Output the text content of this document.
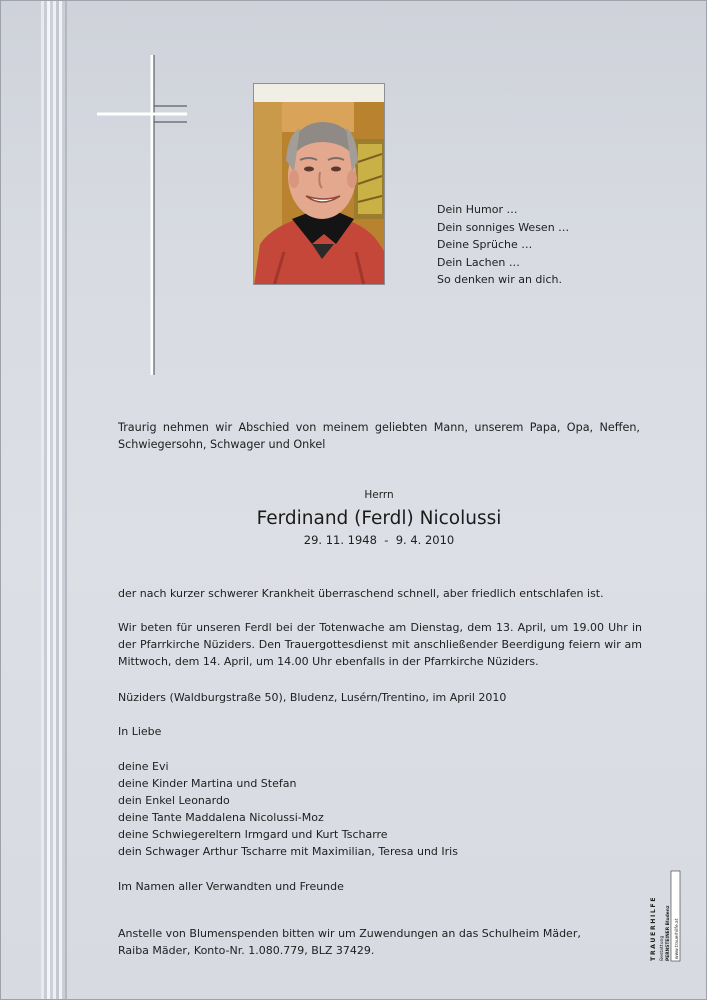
Dein Humor …
Dein sonniges Wesen …
Deine Sprüche …
Dein Lachen …
So denken wir an dich.
Traurig nehmen wir Abschied von meinem geliebten Mann, unserem Papa, Opa, Neffen, Schwiegersohn, Schwager und Onkel
Herrn
Ferdinand (Ferdl) Nicolussi
29. 11. 1948  -  9. 4. 2010
der nach kurzer schwerer Krankheit überraschend schnell, aber friedlich entschlafen ist.
Wir beten für unseren Ferdl bei der Totenwache am Dienstag, dem 13. April, um 19.00 Uhr in der Pfarrkirche Nüziders. Den Trauergottesdienst mit anschließender Beerdigung feiern wir am Mittwoch, dem 14. April, um 14.00 Uhr ebenfalls in der Pfarrkirche Nüziders.
Nüziders (Waldburgstraße 50), Bludenz, Lusérn/Trentino, im April 2010
In Liebe
deine Evi
deine Kinder Martina und Stefan
dein Enkel Leonardo
deine Tante Maddalena Nicolussi-Moz
deine Schwiegereltern Irmgard und Kurt Tscharre
dein Schwager Arthur Tscharre mit Maximilian, Teresa und Iris
Im Namen aller Verwandten und Freunde
Anstelle von Blumenspenden bitten wir um Zuwendungen an das Schulheim Mäder,
Raiba Mäder, Konto-Nr. 1.080.779, BLZ 37429.	TRAUERHILFE Bestattung PERNSTEINER Bludenz www.trauerhilfe.at
